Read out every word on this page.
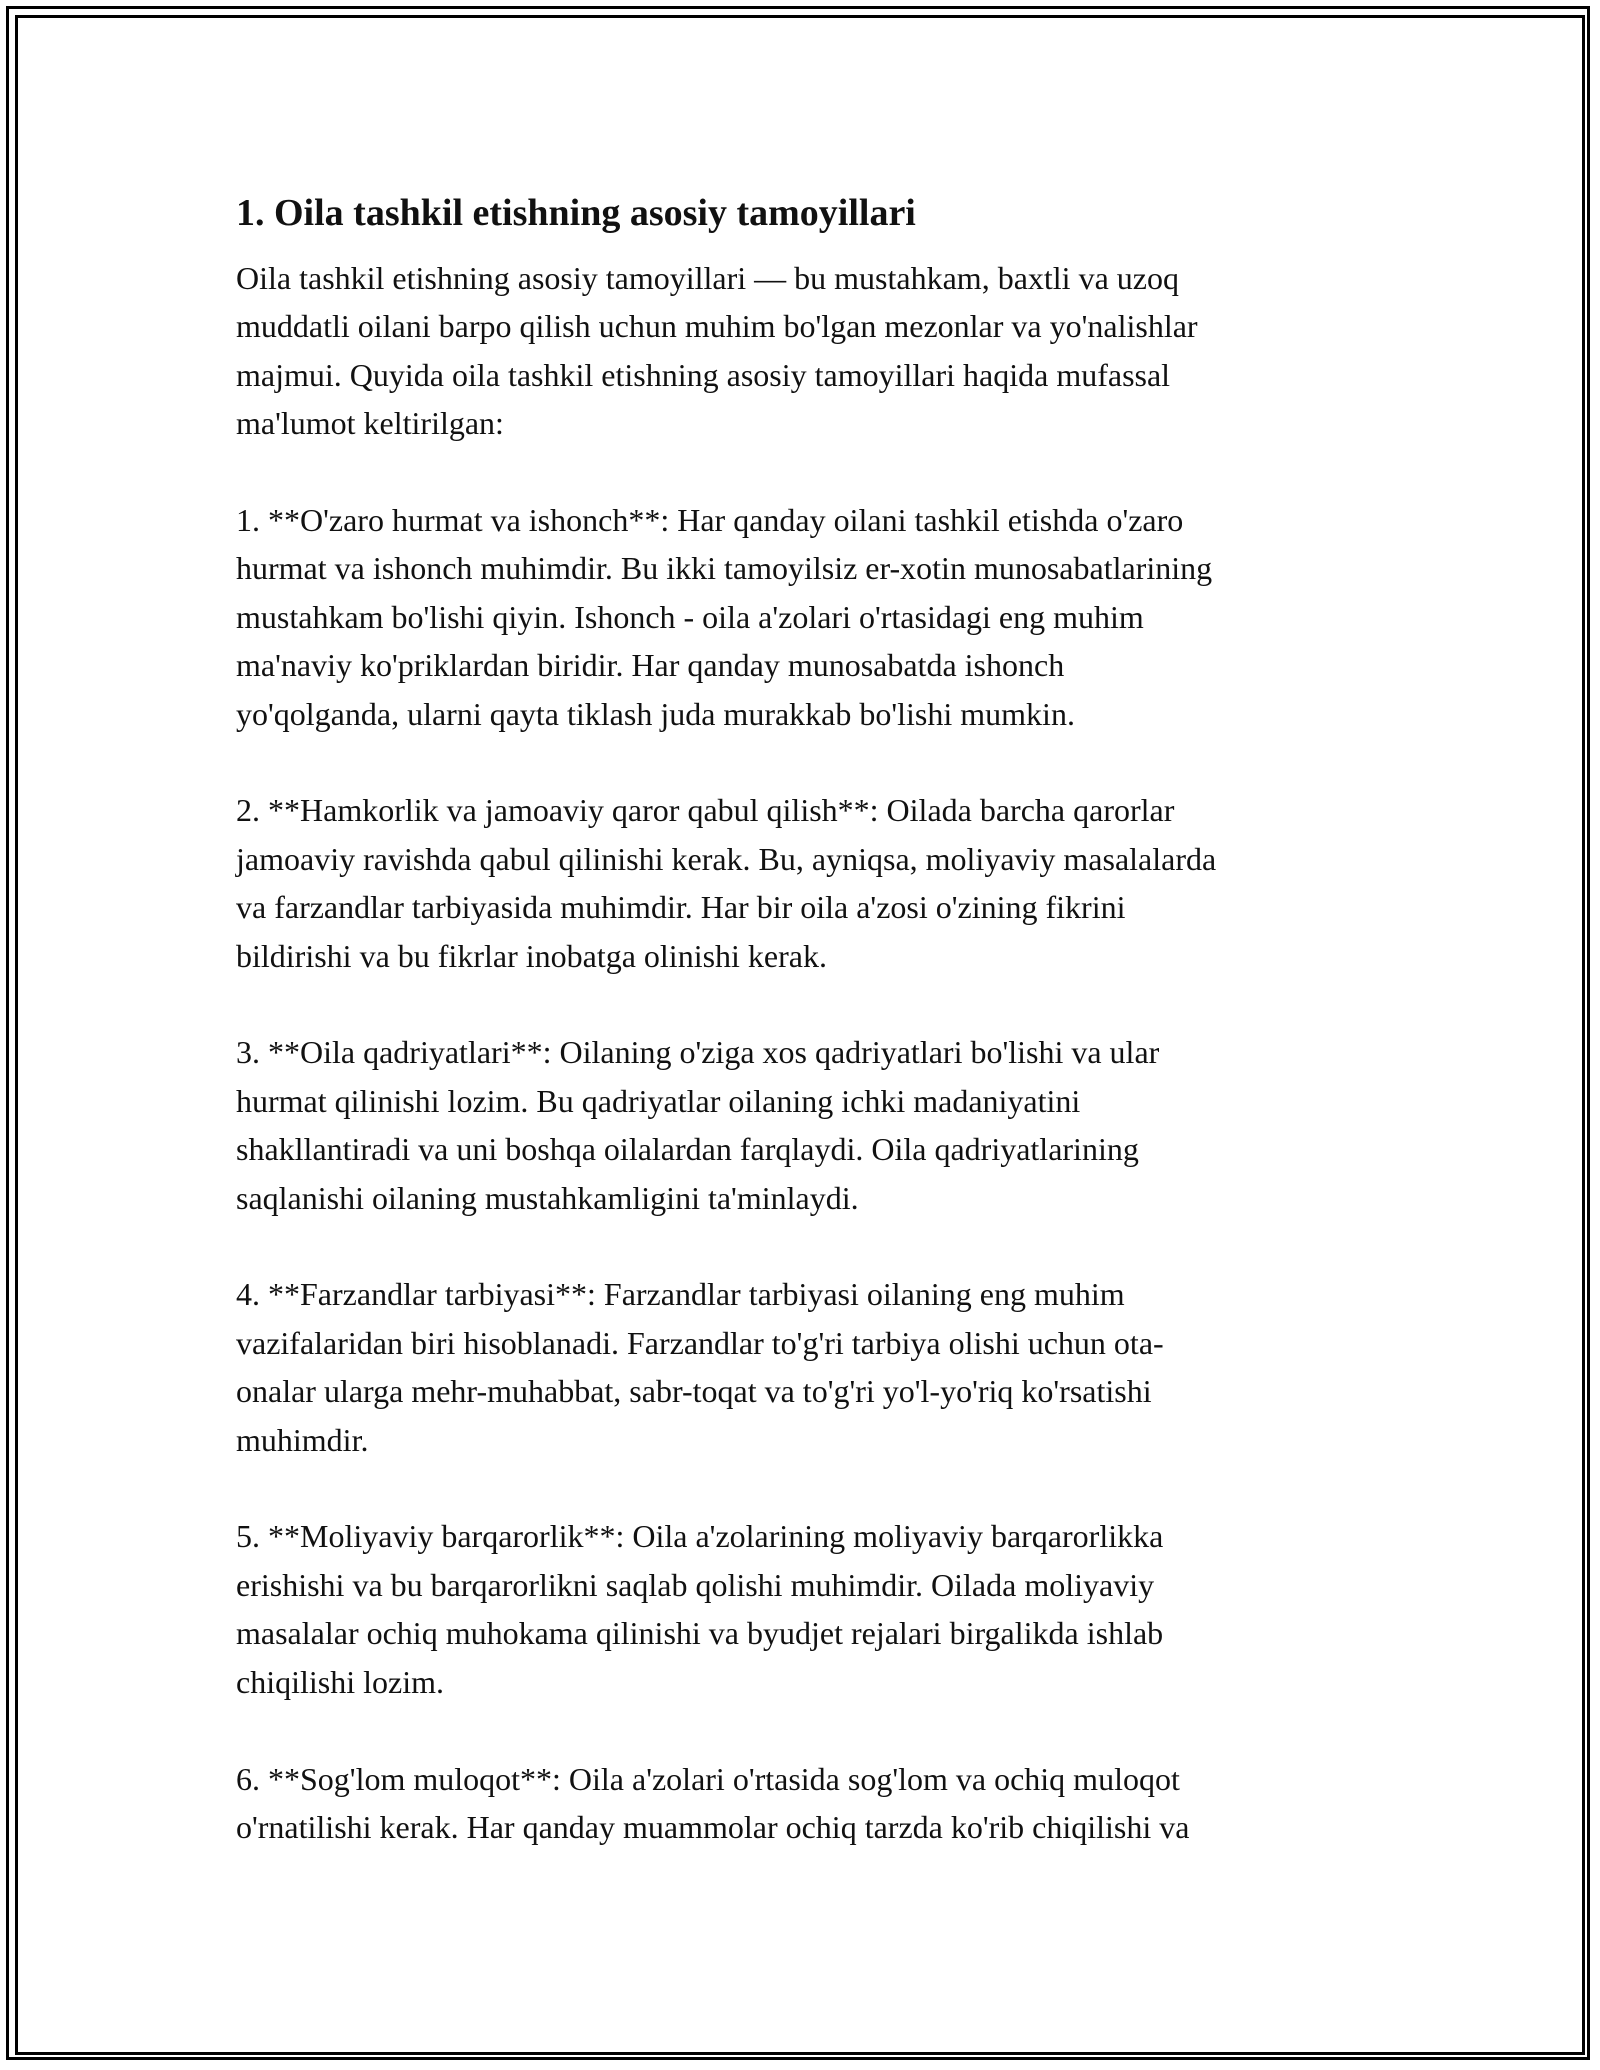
1. Oila tashkil etishning asosiy tamoyillari

Oila tashkil etishning asosiy tamoyillari — bu mustahkam, baxtli va uzoq
muddatli oilani barpo qilish uchun muhim bo'lgan mezonlar va yo'nalishlar
majmui. Quyida oila tashkil etishning asosiy tamoyillari haqida mufassal
ma'lumot keltirilgan:

1. **O'zaro hurmat va ishonch**: Har qanday oilani tashkil etishda o'zaro
hurmat va ishonch muhimdir. Bu ikki tamoyilsiz er-xotin munosabatlarining
mustahkam bo'lishi qiyin. Ishonch - oila a'zolari o'rtasidagi eng muhim
ma'naviy ko'priklardan biridir. Har qanday munosabatda ishonch
yo'qolganda, ularni qayta tiklash juda murakkab bo'lishi mumkin.

2. **Hamkorlik va jamoaviy qaror qabul qilish**: Oilada barcha qarorlar
jamoaviy ravishda qabul qilinishi kerak. Bu, ayniqsa, moliyaviy masalalarda
va farzandlar tarbiyasida muhimdir. Har bir oila a'zosi o'zining fikrini
bildirishi va bu fikrlar inobatga olinishi kerak.

3. **Oila qadriyatlari**: Oilaning o'ziga xos qadriyatlari bo'lishi va ular
hurmat qilinishi lozim. Bu qadriyatlar oilaning ichki madaniyatini
shakllantiradi va uni boshqa oilalardan farqlaydi. Oila qadriyatlarining
saqlanishi oilaning mustahkamligini ta'minlaydi.

4. **Farzandlar tarbiyasi**: Farzandlar tarbiyasi oilaning eng muhim
vazifalaridan biri hisoblanadi. Farzandlar to'g'ri tarbiya olishi uchun ota-
onalar ularga mehr-muhabbat, sabr-toqat va to'g'ri yo'l-yo'riq ko'rsatishi
muhimdir.

5. **Moliyaviy barqarorlik**: Oila a'zolarining moliyaviy barqarorlikka
erishishi va bu barqarorlikni saqlab qolishi muhimdir. Oilada moliyaviy
masalalar ochiq muhokama qilinishi va byudjet rejalari birgalikda ishlab
chiqilishi lozim.

6. **Sog'lom muloqot**: Oila a'zolari o'rtasida sog'lom va ochiq muloqot
o'rnatilishi kerak. Har qanday muammolar ochiq tarzda ko'rib chiqilishi va
